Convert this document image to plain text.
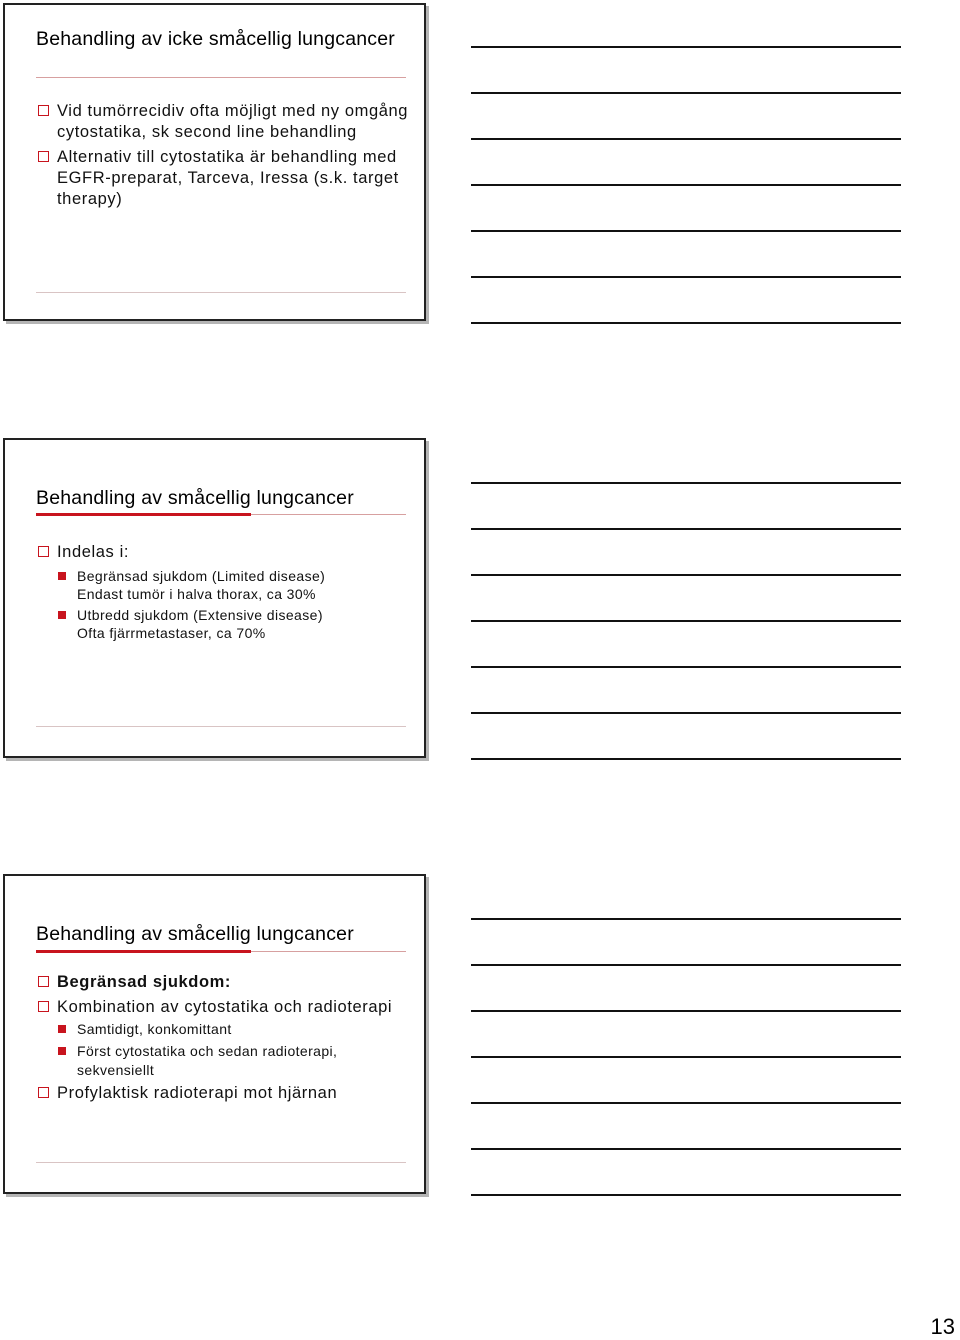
Behandling av icke småcellig lungcancer
Vid tumörrecidiv ofta möjligt med ny omgång cytostatika, sk second line behandling
Alternativ till cytostatika är behandling med EGFR-preparat, Tarceva, Iressa (s.k. target therapy)
Behandling av småcellig lungcancer
Indelas i:
Begränsad sjukdom (Limited disease)
Endast tumör i halva thorax, ca 30%
Utbredd sjukdom (Extensive disease)
Ofta fjärrmetastaser, ca 70%
Behandling av småcellig lungcancer
Begränsad sjukdom:
Kombination av cytostatika och radioterapi
Samtidigt, konkomittant
Först cytostatika och sedan radioterapi, sekvensiellt
Profylaktisk radioterapi mot hjärnan
13
